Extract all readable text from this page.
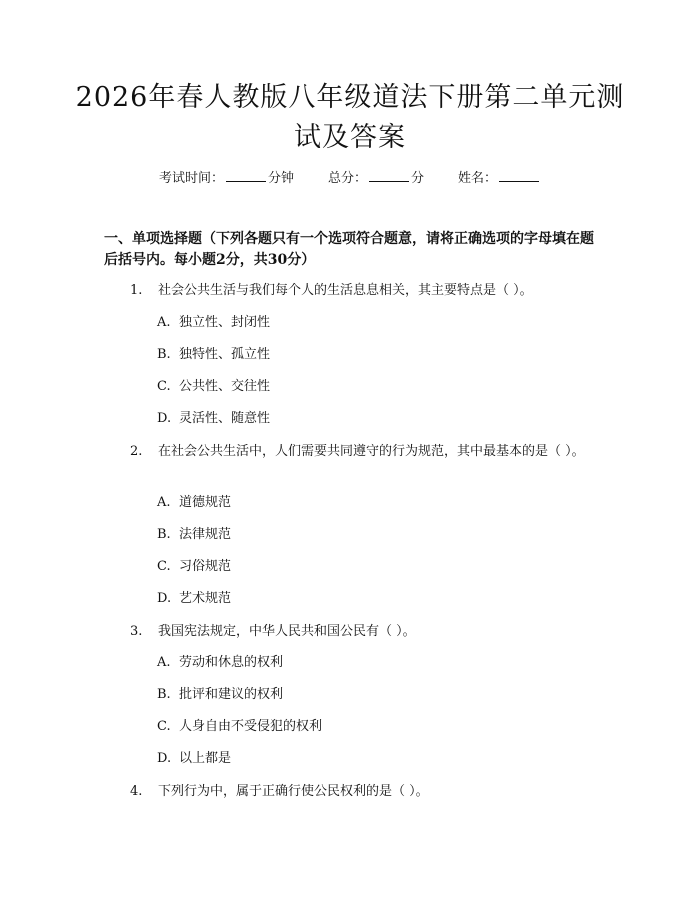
2026年春人教版八年级道法下册第二单元测试及答案
考试时间：	分钟	总分：	分	姓名：
一、单项选择题（下列各题只有一个选项符合题意，请将正确选项的字母填在题后括号内。每小题2分，共30分）
1. 社会公共生活与我们每个人的生活息息相关，其主要特点是（ ）。
A. 独立性、封闭性
B. 独特性、孤立性
C. 公共性、交往性
D. 灵活性、随意性
2. 在社会公共生活中，人们需要共同遵守的行为规范，其中最基本的是（ ）。
A. 道德规范
B. 法律规范
C. 习俗规范
D. 艺术规范
3. 我国宪法规定，中华人民共和国公民有（ ）。
A. 劳动和休息的权利
B. 批评和建议的权利
C. 人身自由不受侵犯的权利
D. 以上都是
4. 下列行为中，属于正确行使公民权利的是（ ）。
